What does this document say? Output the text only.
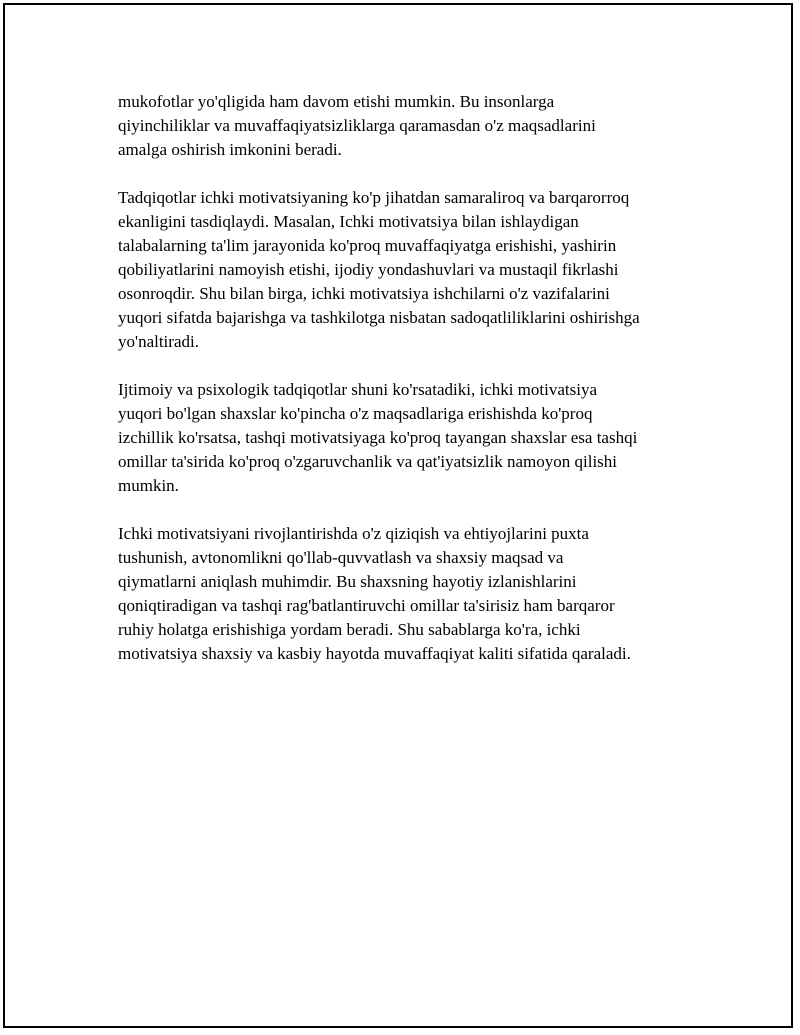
mukofotlar yo'qligida ham davom etishi mumkin. Bu insonlarga
qiyinchiliklar va muvaffaqiyatsizliklarga qaramasdan o'z maqsadlarini
amalga oshirish imkonini beradi.

Tadqiqotlar ichki motivatsiyaning ko'p jihatdan samaraliroq va barqarorroq
ekanligini tasdiqlaydi. Masalan, Ichki motivatsiya bilan ishlaydigan
talabalarning ta'lim jarayonida ko'proq muvaffaqiyatga erishishi, yashirin
qobiliyatlarini namoyish etishi, ijodiy yondashuvlari va mustaqil fikrlashi
osonroqdir. Shu bilan birga, ichki motivatsiya ishchilarni o'z vazifalarini
yuqori sifatda bajarishga va tashkilotga nisbatan sadoqatliliklarini oshirishga
yo'naltiradi.

Ijtimoiy va psixologik tadqiqotlar shuni ko'rsatadiki, ichki motivatsiya
yuqori bo'lgan shaxslar ko'pincha o'z maqsadlariga erishishda ko'proq
izchillik ko'rsatsa, tashqi motivatsiyaga ko'proq tayangan shaxslar esa tashqi
omillar ta'sirida ko'proq o'zgaruvchanlik va qat'iyatsizlik namoyon qilishi
mumkin.

Ichki motivatsiyani rivojlantirishda o'z qiziqish va ehtiyojlarini puxta
tushunish, avtonomlikni qo'llab-quvvatlash va shaxsiy maqsad va
qiymatlarni aniqlash muhimdir. Bu shaxsning hayotiy izlanishlarini
qoniqtiradigan va tashqi rag'batlantiruvchi omillar ta'sirisiz ham barqaror
ruhiy holatga erishishiga yordam beradi. Shu sabablarga ko'ra, ichki
motivatsiya shaxsiy va kasbiy hayotda muvaffaqiyat kaliti sifatida qaraladi.
